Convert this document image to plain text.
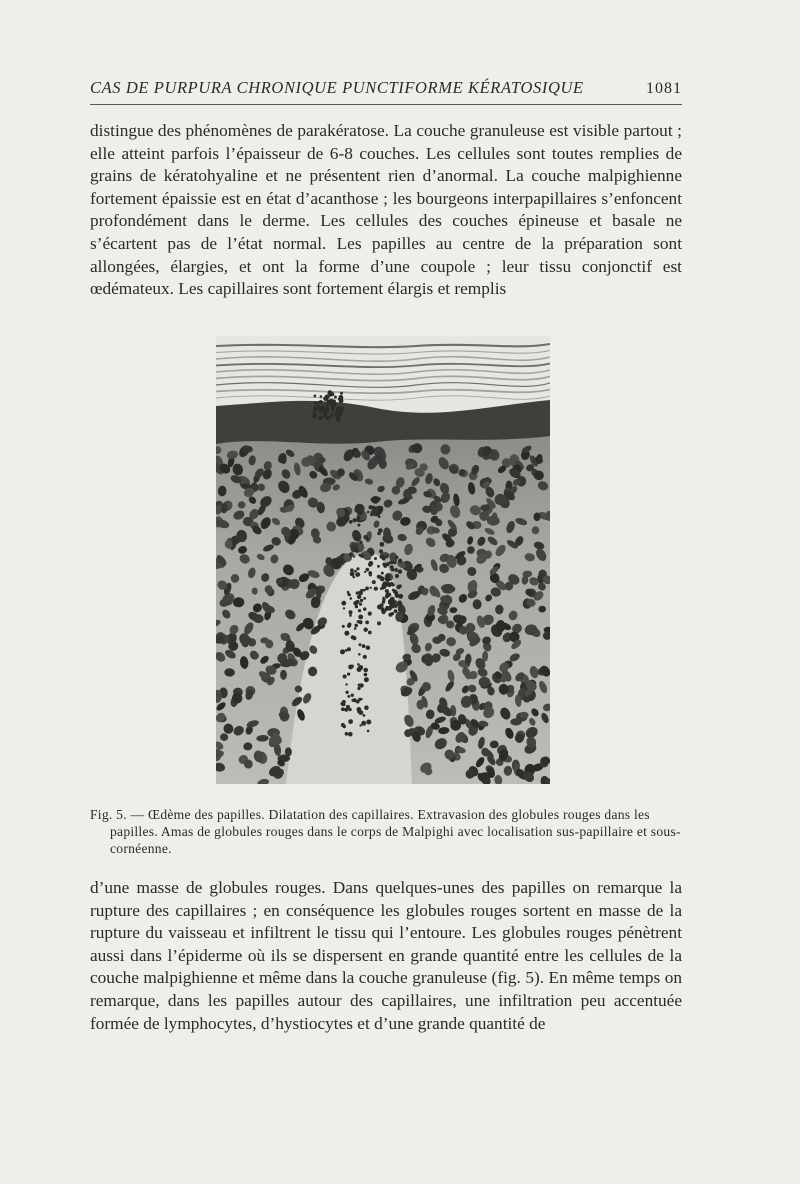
CAS DE PURPURA CHRONIQUE PUNCTIFORME KÉRATOSIQUE	1081

distingue des phénomènes de parakératose. La couche granuleuse est visible partout ; elle atteint parfois l’épaisseur de 6-8 couches. Les cellules sont toutes remplies de grains de kératohyaline et ne présentent rien d’anormal. La couche malpighienne fortement épaissie est en état d’acanthose ; les bourgeons interpapillaires s’enfoncent profondément dans le derme. Les cellules des couches épineuse et basale ne s’écartent pas de l’état normal. Les papilles au centre de la préparation sont allongées, élargies, et ont la forme d’une coupole ; leur tissu conjonctif est œdémateux. Les capillaires sont fortement élargis et remplis

Fig. 5. — Œdème des papilles. Dilatation des capillaires. Extravasion des globules rouges dans les papilles. Amas de globules rouges dans le corps de Malpighi avec localisation sus-papillaire et sous-cornéenne.

d’une masse de globules rouges. Dans quelques-unes des papilles on remarque la rupture des capillaires ; en conséquence les globules rouges sortent en masse de la rupture du vaisseau et infiltrent le tissu qui l’entoure. Les globules rouges pénètrent aussi dans l’épiderme où ils se dispersent en grande quantité entre les cellules de la couche malpighienne et même dans la couche granuleuse (fig. 5). En même temps on remarque, dans les papilles autour des capillaires, une infiltration peu accentuée formée de lymphocytes, d’hystiocytes et d’une grande quantité de
